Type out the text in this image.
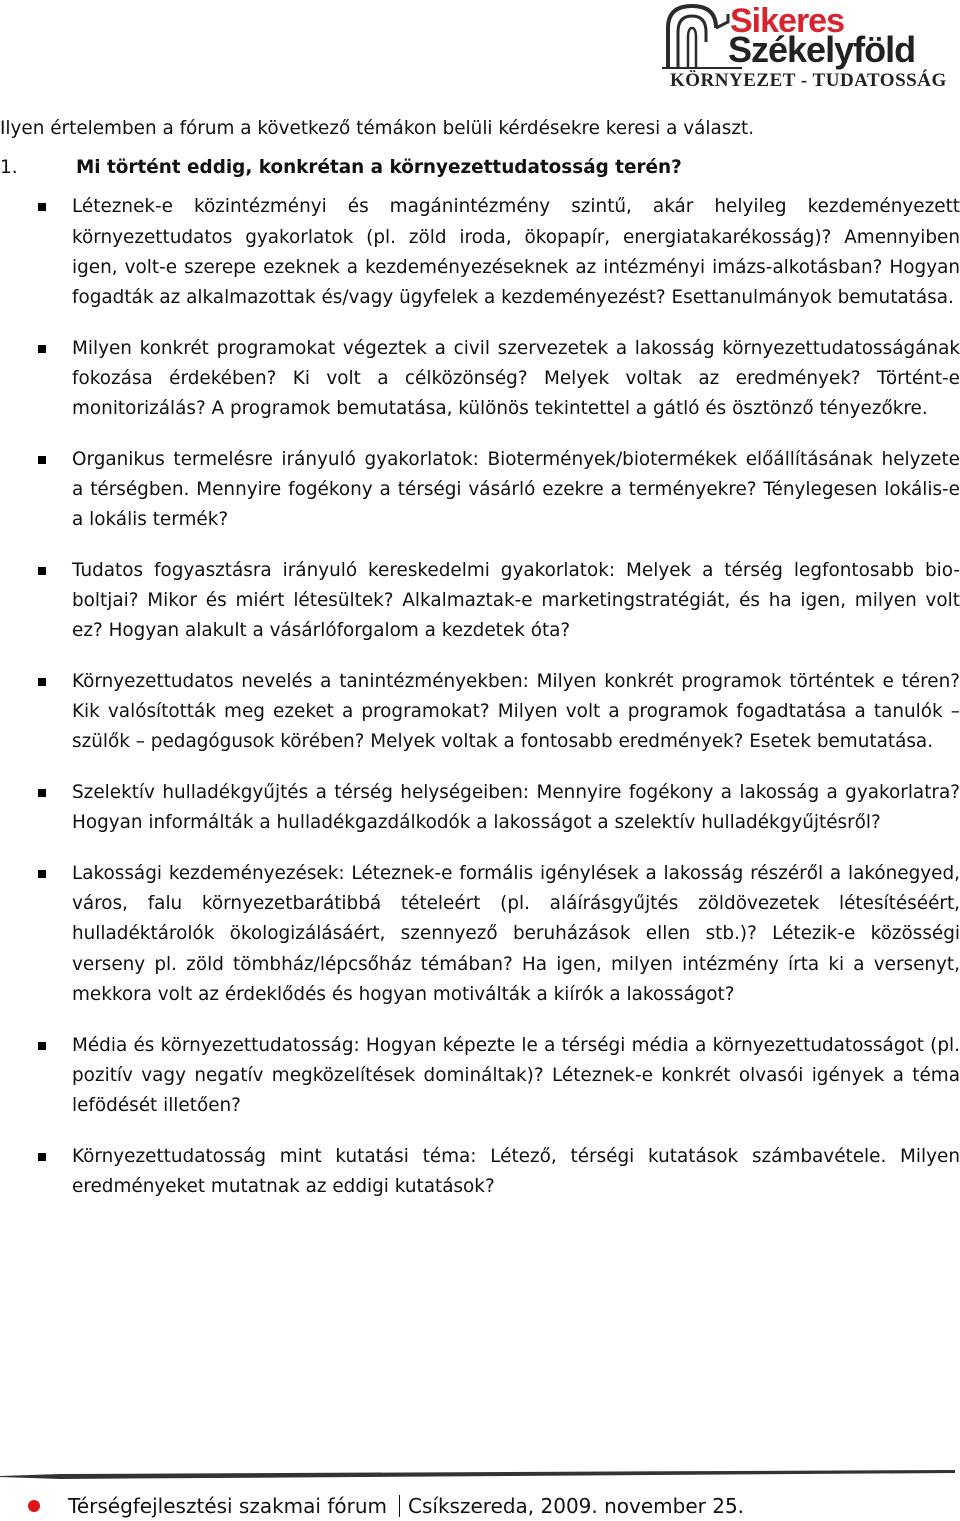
Sikeres
Székelyföld
KÖRNYEZET - TUDATOSSÁG

Ilyen értelemben a fórum a következő témákon belüli kérdésekre keresi a választ.

1.	Mi történt eddig, konkrétan a környezettudatosság terén?
Léteznek-e közintézményi és magánintézmény szintű, akár helyileg kezdeményezett környezettudatos gyakorlatok (pl. zöld iroda, ökopapír, energiatakarékosság)? Amennyiben igen, volt-e szerepe ezeknek a kezdeményezéseknek az intézményi imázs-alkotásban? Hogyan fogadták az alkalmazottak és/vagy ügyfelek a kezdeményezést? Esettanulmányok bemutatása.
Milyen konkrét programokat végeztek a civil szervezetek a lakosság környezettudatosságának fokozása érdekében? Ki volt a célközönség? Melyek voltak az eredmények? Történt-e monitorizálás? A programok bemutatása, különös tekintettel a gátló és ösztönző tényezőkre.
Organikus termelésre irányuló gyakorlatok: Biotermények/biotermékek előállításának helyzete a térségben. Mennyire fogékony a térségi vásárló ezekre a terményekre? Ténylegesen lokális-e a lokális termék?
Tudatos fogyasztásra irányuló kereskedelmi gyakorlatok: Melyek a térség legfontosabb bio-boltjai? Mikor és miért létesültek? Alkalmaztak-e marketingstratégiát, és ha igen, milyen volt ez? Hogyan alakult a vásárlóforgalom a kezdetek óta?
Környezettudatos nevelés a tanintézményekben: Milyen konkrét programok történtek e téren? Kik valósították meg ezeket a programokat? Milyen volt a programok fogadtatása a tanulók – szülők – pedagógusok körében? Melyek voltak a fontosabb eredmények? Esetek bemutatása.
Szelektív hulladékgyűjtés a térség helységeiben: Mennyire fogékony a lakosság a gyakorlatra? Hogyan informálták a hulladékgazdálkodók a lakosságot a szelektív hulladékgyűjtésről?
Lakossági kezdeményezések: Léteznek-e formális igénylések a lakosság részéről a lakónegyed, város, falu környezetbarátibbá tételeért (pl. aláírásgyűjtés zöldövezetek létesítéséért, hulladéktárolók ökologizálásáért, szennyező beruházások ellen stb.)? Létezik-e közösségi verseny pl. zöld tömbház/lépcsőház témában? Ha igen, milyen intézmény írta ki a versenyt, mekkora volt az érdeklődés és hogyan motiválták a kiírók a lakosságot?
Média és környezettudatosság: Hogyan képezte le a térségi média a környezettudatosságot (pl. pozitív vagy negatív megközelítések domináltak)? Léteznek-e konkrét olvasói igények a téma lefödését illetően?
Környezettudatosság mint kutatási téma: Létező, térségi kutatások számbavétele. Milyen eredményeket mutatnak az eddigi kutatások?
Térségfejlesztési szakmai fórum Csíkszereda, 2009. november 25.
